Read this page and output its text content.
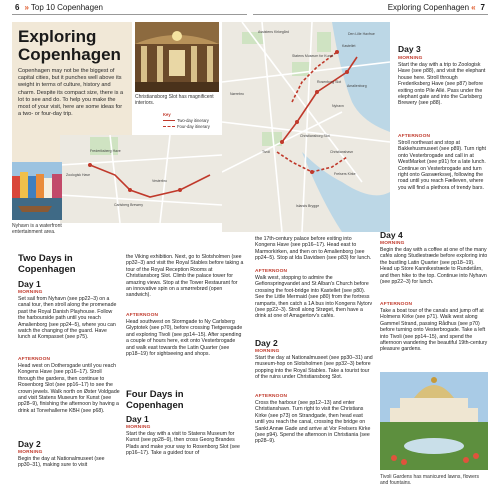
6 » Top 10 Copenhagen	Exploring Copenhagen « 7
Exploring
Copenhagen

Copenhagen may not be the biggest of capital cities, but it punches well above its weight in terms of culture, history and charm. Despite its compact size, there is a lot to see and do. To help you make the most of your visit, here are some ideas for a two- or four-day trip.

Christiansborg Slot has magnificent interiors.
Key
Two-day itinerary
Four-day itinerary
Assistens Kirkegård
Statens Museum for Kunst
Rosenborg Slot
Kastellet
Den Lille Havfrue
Amalienborg
Nyhavn
Tivoli
Christiansborg Slot
Frelsers Kirke
Christianshavn
Islands Brygge
Nørrebro
Frederiksberg Have
Zoologisk Have
Carlsberg Brewery
Vesterbro
Nyhavn is a waterfront entertainment area.
Two Days in
Copenhagen
Day 1
MORNING
Set sail from Nyhavn (see pp22–3) on a canal tour, then stroll along the promenade past the Royal Danish Playhouse. Follow the harbourside path until you reach Amalienborg (see pp24–5), where you can watch the changing of the guard. Have lunch at Kompasset (see p75).
AFTERNOON
Head west on Dothersgade until you reach Kongens Have (see pp16–17). Stroll through the gardens, then continue to Rosenborg Slot (see pp16–17) to see the crown jewels. Walk north on Øster Voldgade and visit Statens Museum for Kunst (see pp28–9), finishing the afternoon by having a drink at Torvehallerne KBH (see p68).
Day 2
MORNING
Begin the day at Nationalmuseet (see pp30–31), making sure to visit
the Viking exhibition. Next, go to Slotsholmen (see pp32–3) and visit the Royal Stables before taking a tour of the Royal Reception Rooms at Christiansborg Slot. Climb the palace tower for amazing views. Stop at the Tower Restaurant for an innovative spin on a smørrebrød (open sandwich).
AFTERNOON
Head southwest on Stormgade to Ny Carlsberg Glyptotek (see p70), before crossing Tietgensgade and exploring Tivoli (see pp14–15). After spending a couple of hours here, exit onto Vesterbrogade and walk east towards the Latin Quarter (see pp18–19) for sightseeing and shops.
Four Days in
Copenhagen
Day 1
MORNING
Start the day with a visit to Statens Museum for Kunst (see pp28–9), then cross Georg Brandes Plads and make your way to Rosenborg Slot (see pp16–17). Take a guided tour of
the 17th-century palace before exiting into Kongens Have (see pp16–17). Head east to Marmorkirken, and then on to Amalienborg (see pp24–5). Stop at Ida Davidsen (see p83) for lunch.
AFTERNOON
Walk west, stopping to admire the Gefionspringvandet and St Alban's Church before crossing the foot-bridge into Kastellet (see p80). See the Little Mermaid (see p80) from the fortress ramparts, then catch a 1A bus into Kongens Nytorv (see pp22–3). Stroll along Strøget, then have a drink at one of Amagertorv's cafés.
Day 2
MORNING
Start the day at Nationalmuseet (see pp30–31) and museum-hop on Slotsholmen (see pp32–3) before popping into the Royal Stables. Take a tourist tour of the ruins under Christiansborg Slot.
AFTERNOON
Cross the harbour (see pp12–13) and enter Christianshavn. Turn right to visit the Christians Kirke (see p73) on Strandgade, then head east until you reach the canal, crossing the bridge on Sankt Annæ Gade and arrive at Vor Frelsers Kirke (see p94). Spend the afternoon in Christiania (see pp28–9).
Day 3
MORNING
Start the day with a trip to Zoologisk Have (see p88), and visit the elephant house here. Stroll through Frederiksberg Have (see p87) before exiting onto Pile Allé. Pass under the elephant gate and into the Carlsberg Brewery (see p88).
AFTERNOON
Stroll northeast and stop at Bakkehusmuseet (see p89). Turn right onto Vesterbrogade and call in at WestMarket (see p91) for a late lunch. Continue on Vesterbrogade and turn right onto Gasværksvej, following the road until you reach Fælleven, where you will find a plethora of trendy bars.
Day 4
MORNING
Begin the day with a coffee at one of the many cafés along Studiestræde before exploring into the bustling Latin Quarter (see pp18–19). Head up Store Kannikestræde to Rundetårn, and then hike to the top. Continue into Nyhavn (see pp22–3) for lunch.
AFTERNOON
Take a boat tour of the canals and jump off at Holmens Kirke (see p71). Walk west along Gammel Strand, passing Rådhus (see p70) before turning onto Vesterbrogade. Take a left into Tivoli (see pp14–15), and spend the afternoon wandering the beautiful 19th-century pleasure gardens.
Tivoli Gardens has manicured lawns, flowers and fountains.
